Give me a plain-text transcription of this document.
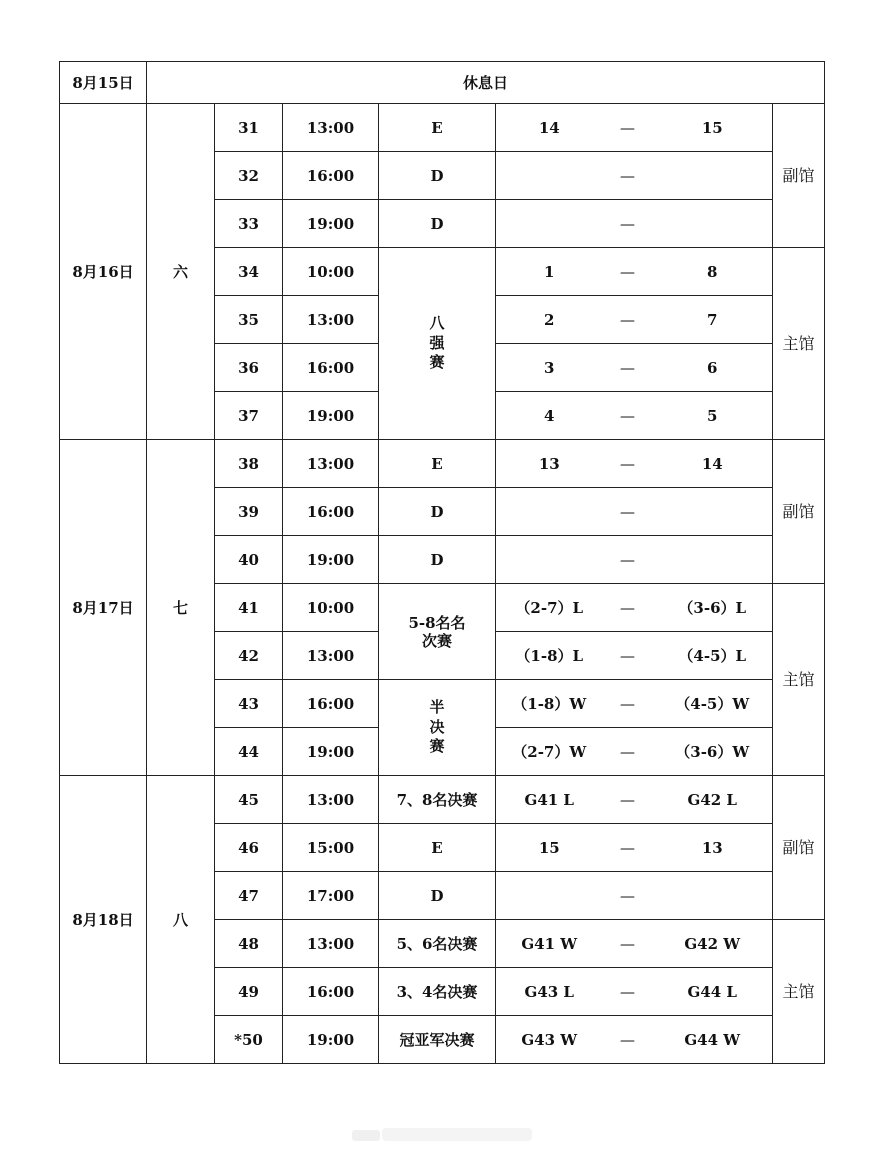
8月15日	休息日							
8月16日	六	31	13:00	E	14	—	15	副馆
		32	16:00	D		—		
		33	19:00	D		—		
		34	10:00	八强赛	1	—	8	主馆
		35	13:00		2	—	7	
		36	16:00		3	—	6	
		37	19:00		4	—	5	
8月17日	七	38	13:00	E	13	—	14	副馆
		39	16:00	D		—		
		40	19:00	D		—		
		41	10:00	5-8名名次赛	（2-7）L	—	（3-6）L	主馆
		42	13:00		（1-8）L	—	（4-5）L	
		43	16:00	半决赛	（1-8）W	—	（4-5）W	
		44	19:00		（2-7）W	—	（3-6）W	
8月18日	八	45	13:00	7、8名决赛	G41 L	—	G42 L	副馆
		46	15:00	E	15	—	13	
		47	17:00	D		—		
		48	13:00	5、6名决赛	G41 W	—	G42 W	主馆
		49	16:00	3、4名决赛	G43 L	—	G44 L	
		*50	19:00	冠亚军决赛	G43 W	—	G44 W	
